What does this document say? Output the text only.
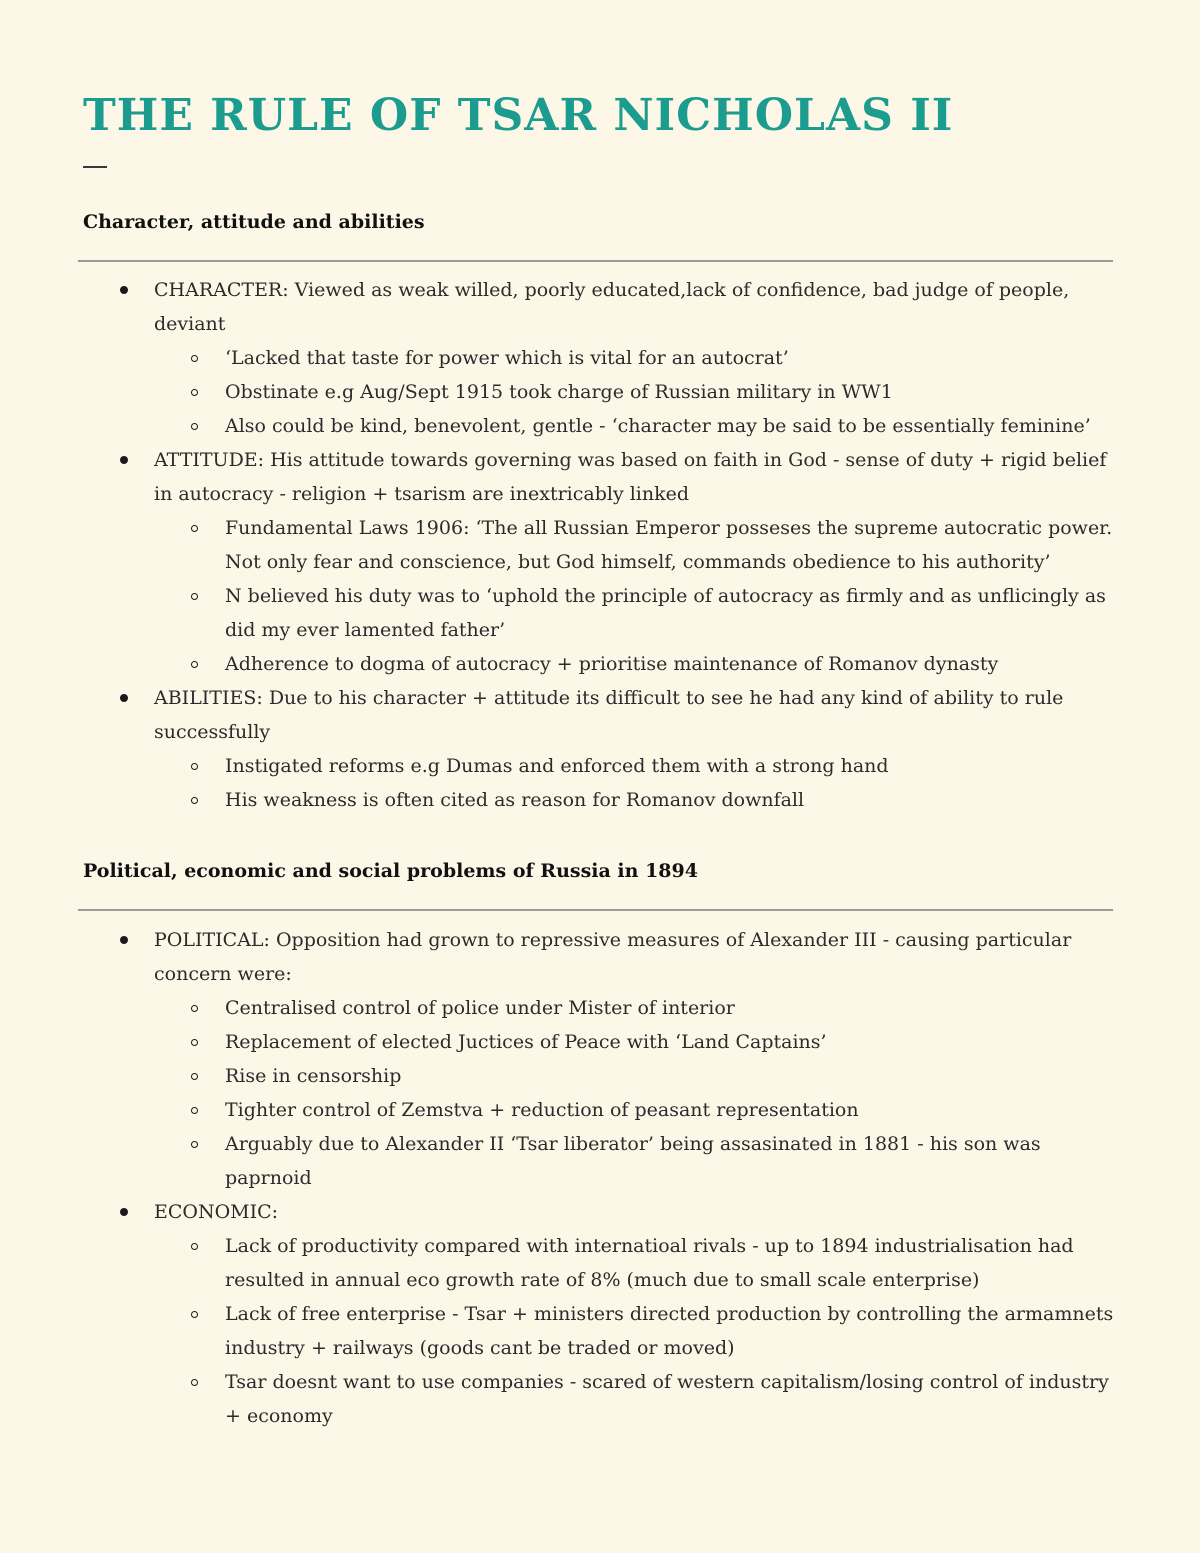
THE RULE OF TSAR NICHOLAS II
Character, attitude and abilities
CHARACTER: Viewed as weak willed, poorly educated,lack of confidence, bad judge of people, deviant
‘Lacked that taste for power which is vital for an autocrat’
Obstinate e.g Aug/Sept 1915 took charge of Russian military in WW1
Also could be kind, benevolent, gentle - ‘character may be said to be essentially feminine’
ATTITUDE: His attitude towards governing was based on faith in God - sense of duty + rigid belief in autocracy - religion + tsarism are inextricably linked
Fundamental Laws 1906: ‘The all Russian Emperor posseses the supreme autocratic power. Not only fear and conscience, but God himself, commands obedience to his authority’
N believed his duty was to ‘uphold the principle of autocracy as firmly and as unflicingly as did my ever lamented father’
Adherence to dogma of autocracy + prioritise maintenance of Romanov dynasty
ABILITIES: Due to his character + attitude its difficult to see he had any kind of ability to rule successfully
Instigated reforms e.g Dumas and enforced them with a strong hand
His weakness is often cited as reason for Romanov downfall
Political, economic and social problems of Russia in 1894
POLITICAL: Opposition had grown to repressive measures of Alexander III - causing particular concern were:
Centralised control of police under Mister of interior
Replacement of elected Juctices of Peace with ‘Land Captains’
Rise in censorship
Tighter control of Zemstva + reduction of peasant representation
Arguably due to Alexander II ‘Tsar liberator’ being assasinated in 1881 - his son was paprnoid
ECONOMIC:
Lack of productivity compared with internatioal rivals - up to 1894 industrialisation had resulted in annual eco growth rate of 8% (much due to small scale enterprise)
Lack of free enterprise - Tsar + ministers directed production by controlling the armamnets industry + railways (goods cant be traded or moved)
Tsar doesnt want to use companies - scared of western capitalism/losing control of industry + economy
